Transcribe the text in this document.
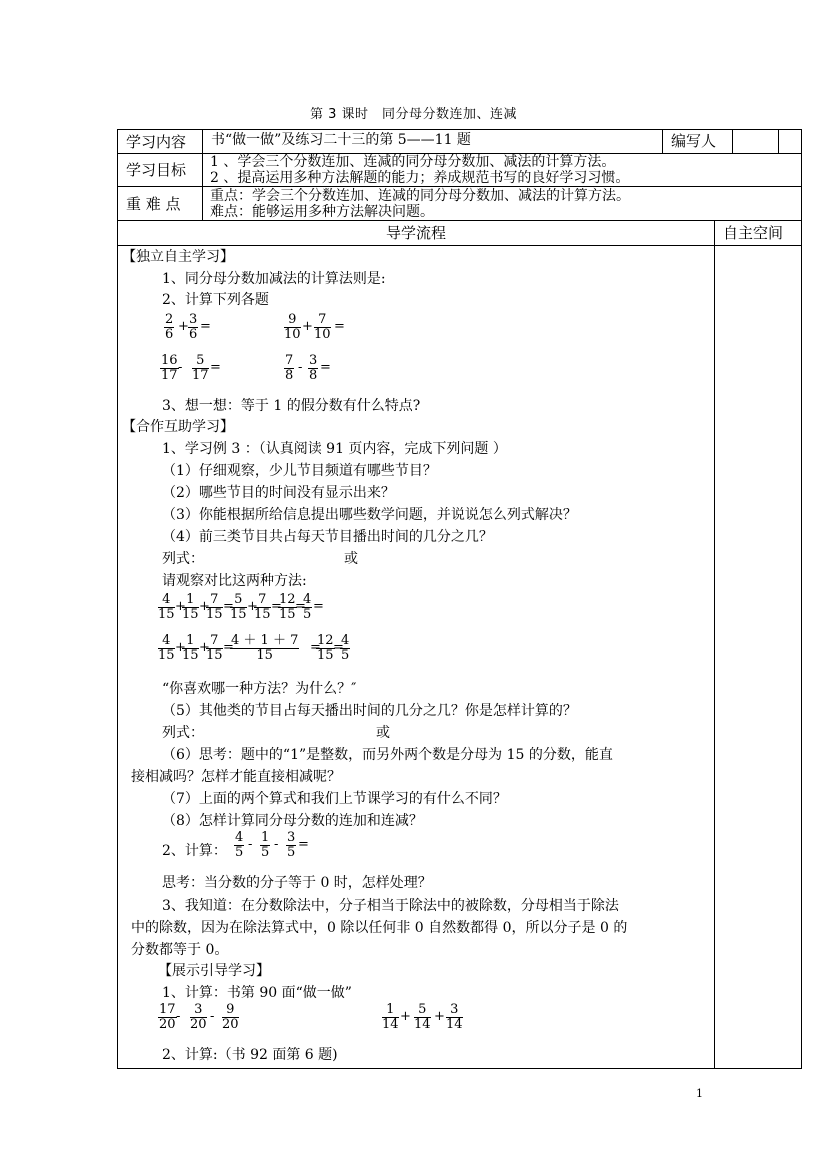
第 3 课时　同分母分数连加、连减
学习内容 书“做一做”及练习二十三的第 5——11 题	编写人
学习目标 1 、学会三个分数连加、连减的同分母分数加、减法的计算方法。
2 、提高运用多种方法解题的能力；养成规范书写的良好学习习惯。
重 难 点 重点：学会三个分数连加、连减的同分母分数加、减法的计算方法。
难点：能够运用多种方法解决问题。
导学流程	自主空间
【独立自主学习】
1、同分母分数加减法的计算法则是:
2、计算下列各题
$\frac{2}{6} + \frac{3}{6}$ =	$\frac{9}{10} + \frac{7}{10}$ =
$\frac{16}{17} - \frac{5}{17}$ =	$\frac{7}{8} - \frac{3}{8}$ =
3、想一想：等于 1 的假分数有什么特点?
【合作互助学习】
1、学习例 3 ：（认真阅读 91 页内容，完成下列问题 ）
（1）仔细观察，少儿节目频道有哪些节目？
（2）哪些节目的时间没有显示出来？
（3）你能根据所给信息提出哪些数学问题，并说说怎么列式解决？
（4）前三类节目共占每天节目播出时间的几分之几？
列式：	或
请观察对比这两种方法:
$\frac{4}{15}$ +
$\frac{1}{15}$ +
$\frac{7}{15}$ =
$\frac{5}{15}$ +
$\frac{7}{15}$ =
$\frac{12}{15}$
=
$\frac{4}{5}$ =
$\frac{4}{15}$ +
$\frac{1}{15}$ +
$\frac{7}{15}$ =
$\frac{4 + 1 + 7}{15}$ =
$\frac{12}{15}$
=
$\frac{4}{5}$
“你喜欢哪一种方法？为什么？″
（5）其他类的节目占每天播出时间的几分之几？你是怎样计算的？
列式：	或
（6）思考：题中的“1”是整数，而另外两个数是分母为 15 的分数，能直
接相减吗？怎样才能直接相减呢？
（7）上面的两个算式和我们上节课学习的有什么不同？
（8）怎样计算同分母分数的连加和连减？
2、计算： $\frac{4}{5} - \frac{1}{5} - \frac{3}{5}$ =
思考：当分数的分子等于 0 时，怎样处理？
3、我知道：在分数除法中，分子相当于除法中的被除数，分母相当于除法
中的除数，因为在除法算式中，0 除以任何非 0 自然数都得 0，所以分子是 0 的
分数都等于 0。
【展示引导学习】
1、计算：书第 90 面“做一做”
$\frac{17}{20} - \frac{3}{20} - \frac{9}{20}$	$\frac{1}{14} + \frac{5}{14} + \frac{3}{14}$
2、计算:（书 92 面第 6 题)
1
